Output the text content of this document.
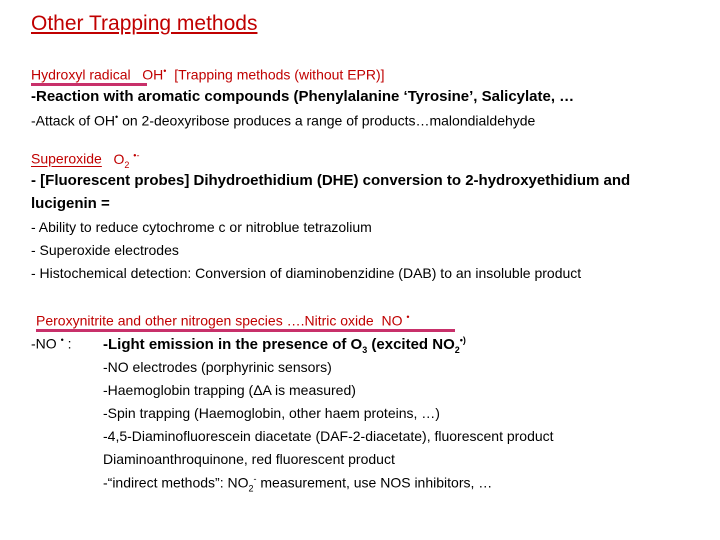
Other Trapping methods
Hydroxyl radical OH• [Trapping methods (without EPR)]
-Reaction with aromatic compounds (Phenylalanine ‘Tyrosine’, Salicylate, …
-Attack of OH• on 2-deoxyribose produces a range of products…malondialdehyde
Superoxide $O_2$ •-
- [Fluorescent probes] Dihydroethidium (DHE) conversion to 2-hydroxyethidium and
lucigenin =
- Ability to reduce cytochrome c or nitroblue tetrazolium
- Superoxide electrodes
- Histochemical detection: Conversion of diaminobenzidine (DAB) to an insoluble product
Peroxynitrite and other nitrogen species ….Nitric oxide NO •
-NO • : -Light emission in the presence of $O_3$ (excited $NO_2^{•)}$
-NO electrodes (porphyrinic sensors)
-Haemoglobin trapping (ΔA is measured)
-Spin trapping (Haemoglobin, other haem proteins, …)
-4,5-Diaminofluorescein diacetate (DAF-2-diacetate), fluorescent product
Diaminoanthroquinone, red fluorescent product
-“indirect methods”: $NO_2^-$ measurement, use NOS inhibitors, …
